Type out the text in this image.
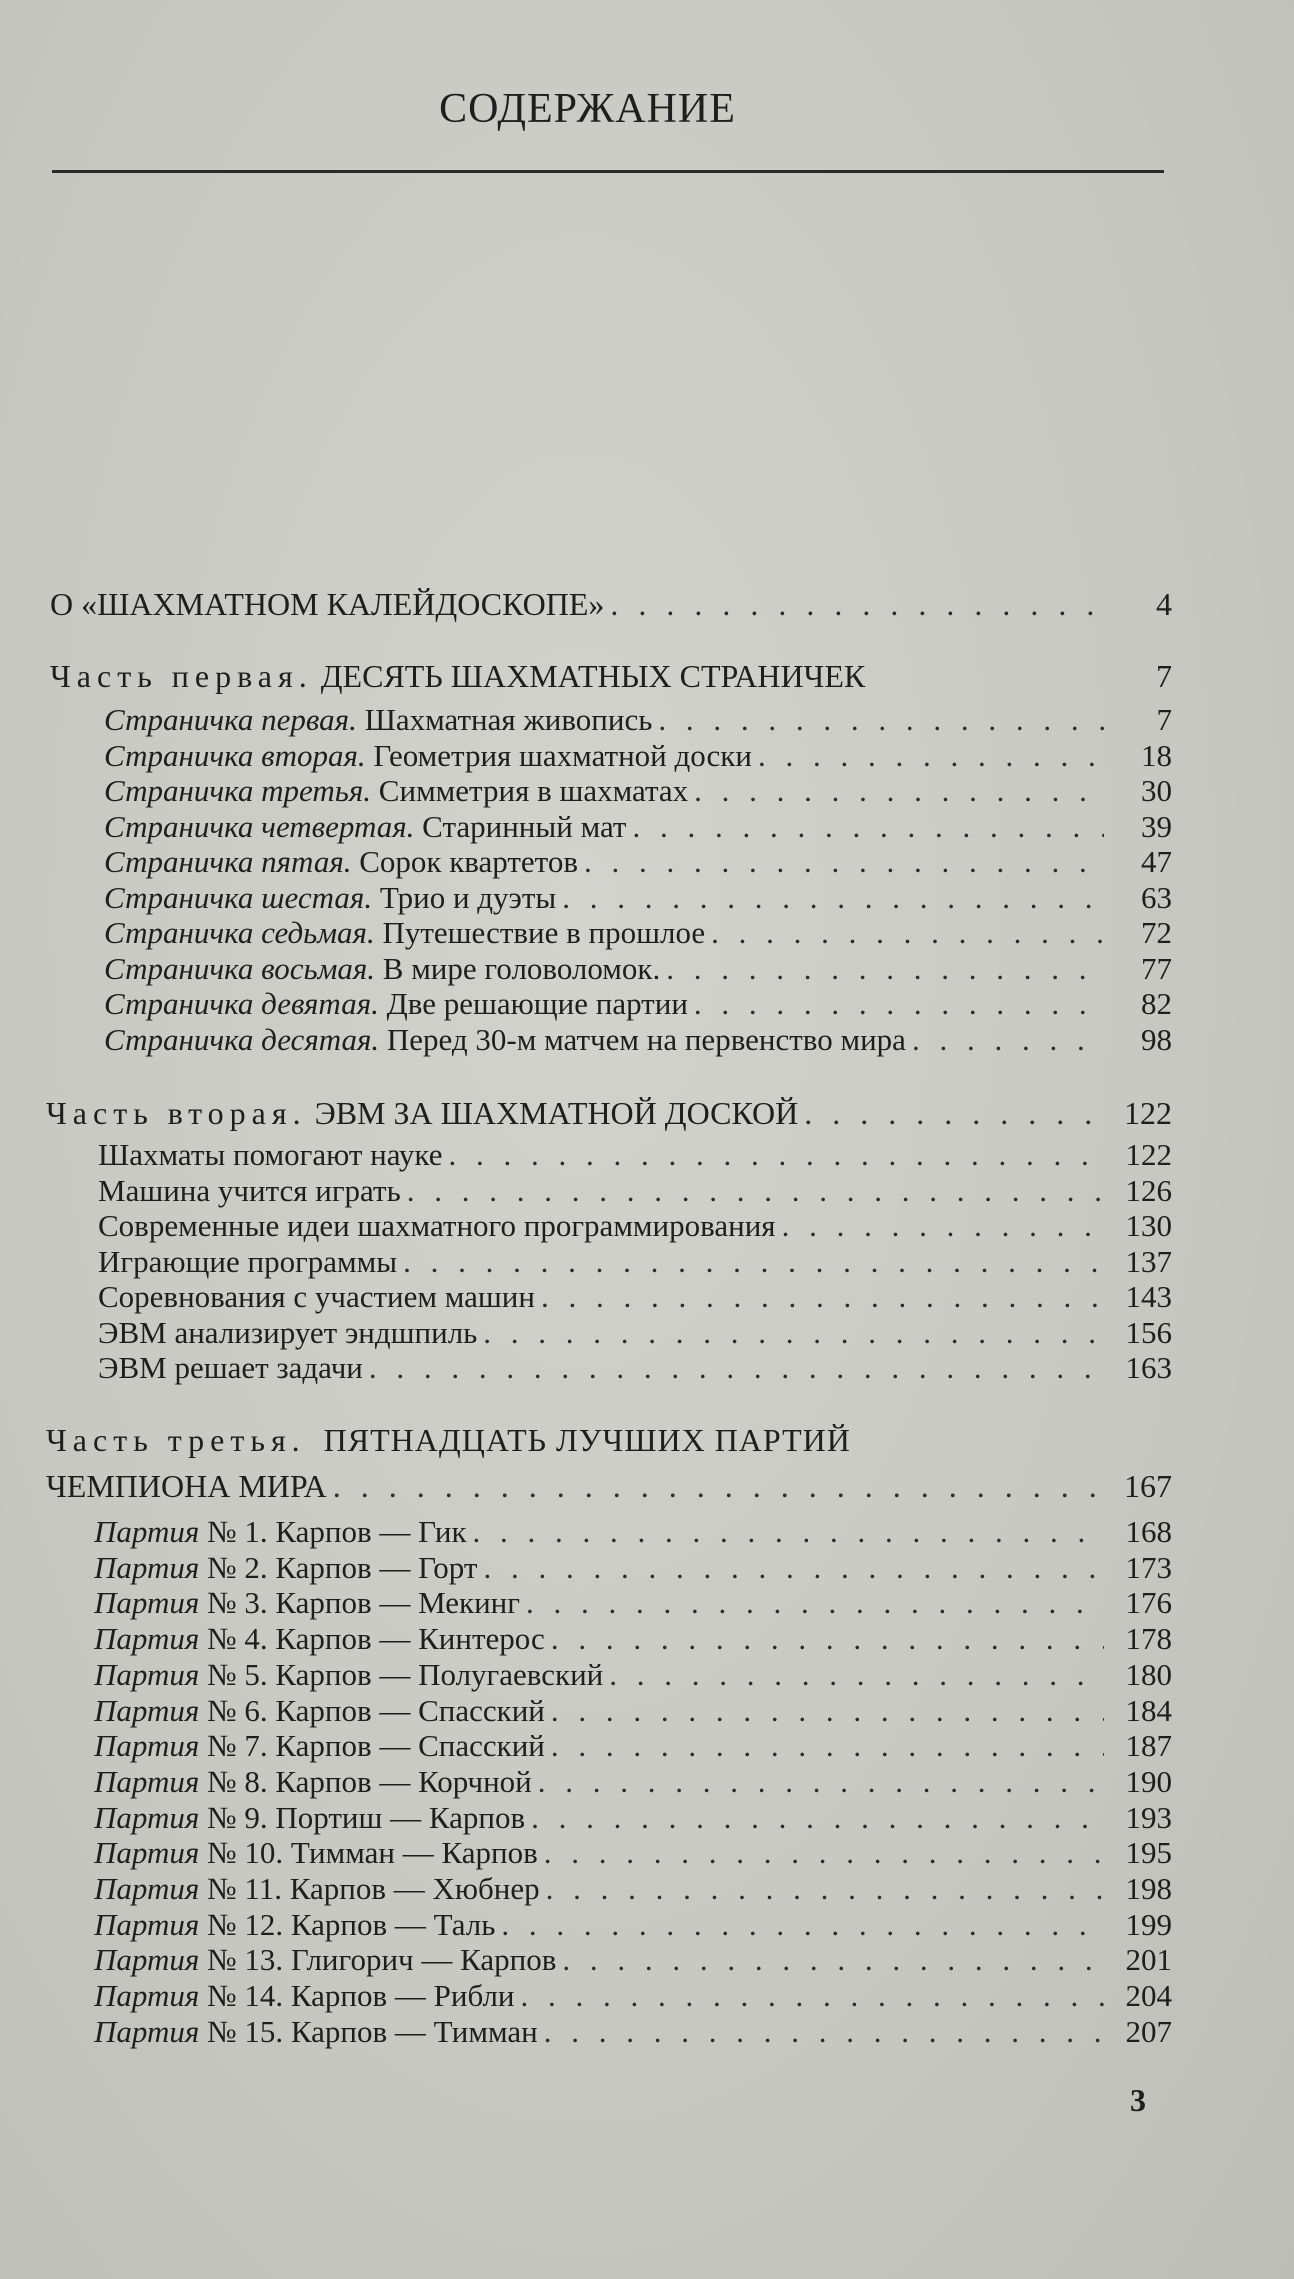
СОДЕРЖАНИЕ
О «ШАХМАТНОМ КАЛЕЙДОСКОПЕ» . . .	4
Часть первая. ДЕСЯТЬ ШАХМАТНЫХ СТРАНИЧЕК	7
Страничка первая. Шахматная живопись . . .	7
Страничка вторая. Геометрия шахматной доски . . .	18
Страничка третья. Симметрия в шахматах . . .	30
Страничка четвертая. Старинный мат . . .	39
Страничка пятая. Сорок квартетов . . .	47
Страничка шестая. Трио и дуэты . . .	63
Страничка седьмая. Путешествие в прошлое . . .	72
Страничка восьмая. В мире головоломок. . . .	77
Страничка девятая. Две решающие партии . . .	82
Страничка десятая. Перед 30-м матчем на первенство мира . . .	98
Часть вторая. ЭВМ ЗА ШАХМАТНОЙ ДОСКОЙ . . .	122
Шахматы помогают науке . . .	122
Машина учится играть . . .	126
Современные идеи шахматного программирования . . .	130
Играющие программы . . .	137
Соревнования с участием машин . . .	143
ЭВМ анализирует эндшпиль . . .	156
ЭВМ решает задачи . . .	163
Часть третья. ПЯТНАДЦАТЬ ЛУЧШИХ ПАРТИЙ
ЧЕМПИОНА МИРА . . .	167
Партия № 1. Карпов — Гик . . .	168
Партия № 2. Карпов — Горт . . .	173
Партия № 3. Карпов — Мекинг . . .	176
Партия № 4. Карпов — Кинтерос . . .	178
Партия № 5. Карпов — Полугаевский . . .	180
Партия № 6. Карпов — Спасский . . .	184
Партия № 7. Карпов — Спасский . . .	187
Партия № 8. Карпов — Корчной . . .	190
Партия № 9. Портиш — Карпов . . .	193
Партия № 10. Тимман — Карпов . . .	195
Партия № 11. Карпов — Хюбнер . . .	198
Партия № 12. Карпов — Таль . . .	199
Партия № 13. Глигорич — Карпов . . .	201
Партия № 14. Карпов — Рибли . . .	204
Партия № 15. Карпов — Тимман . . .	207
3
